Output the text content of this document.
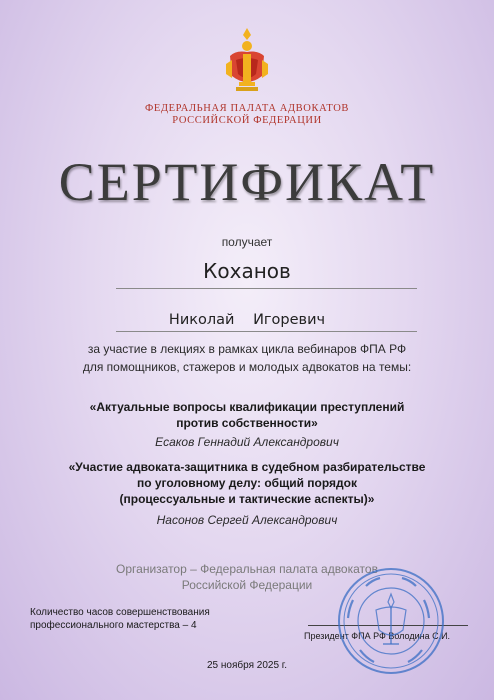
ФЕДЕРАЛЬНАЯ ПАЛАТА АДВОКАТОВ
РОССИЙСКОЙ ФЕДЕРАЦИИ
СЕРТИФИКАТ
получает
Коханов
Николай Игоревич
за участие в лекциях в рамках цикла вебинаров ФПА РФ
для помощников, стажеров и молодых адвокатов на темы:
«Актуальные вопросы квалификации преступлений
против собственности»
Есаков Геннадий Александрович
«Участие адвоката-защитника в судебном разбирательстве
по уголовному делу: общий порядок
(процессуальные и тактические аспекты)»
Насонов Сергей Александрович
Организатор – Федеральная палата адвокатов
Российской Федерации
Количество часов совершенствования
профессионального мастерства – 4
Президент ФПА РФ Володина С.И.
25 ноября 2025 г.
